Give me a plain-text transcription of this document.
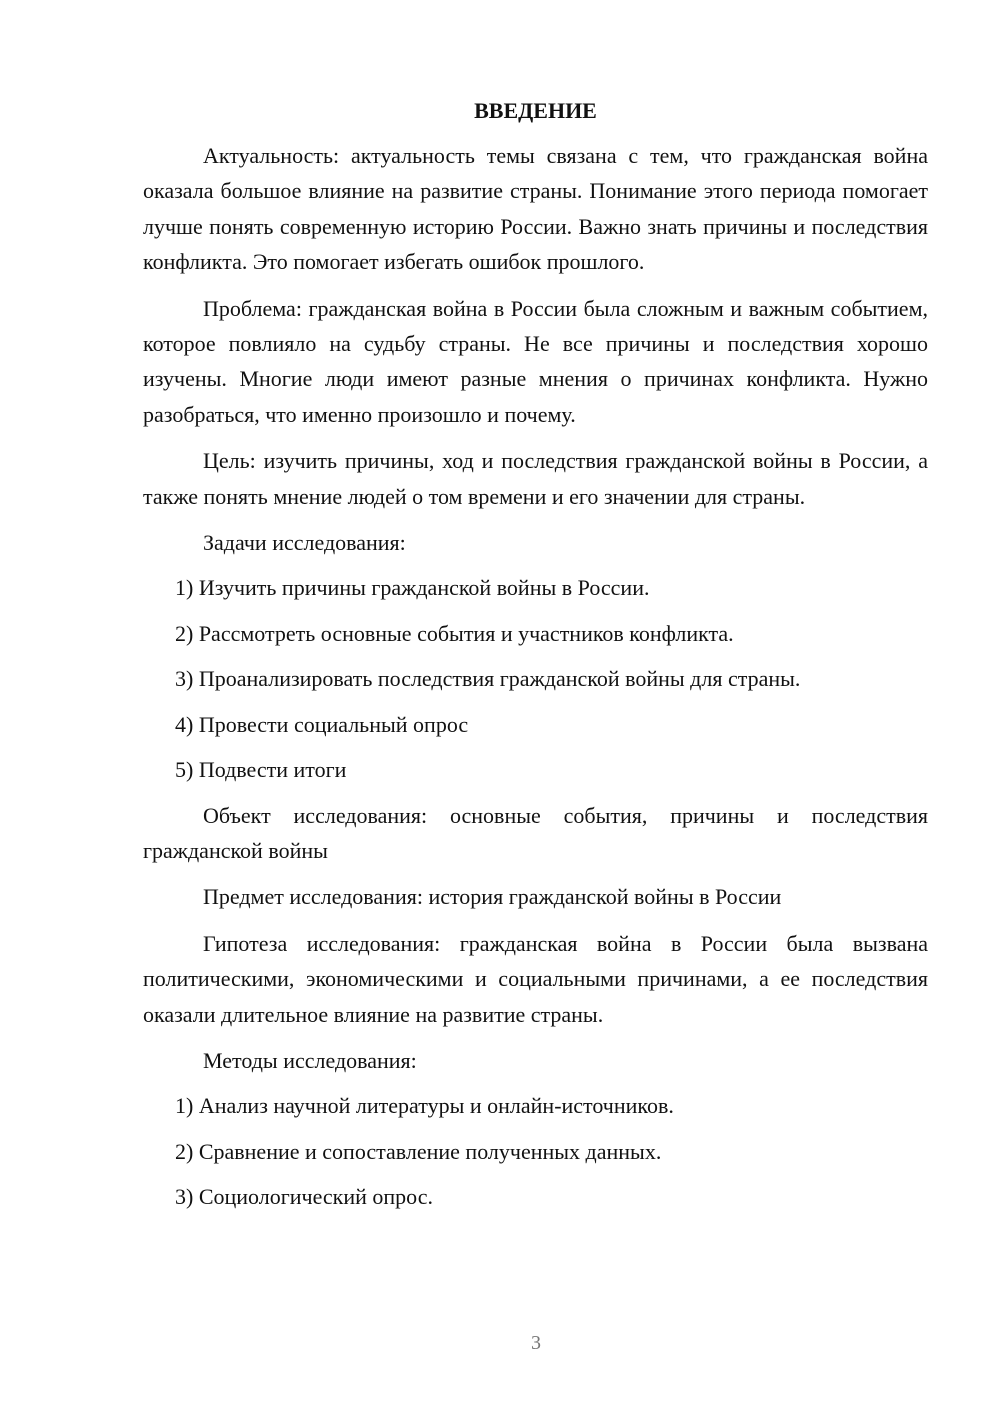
ВВЕДЕНИЕ

Актуальность: актуальность темы связана с тем, что гражданская война оказала большое влияние на развитие страны. Понимание этого периода помогает лучше понять современную историю России. Важно знать причины и последствия конфликта. Это помогает избегать ошибок прошлого.

Проблема: гражданская война в России была сложным и важным событием, которое повлияло на судьбу страны. Не все причины и последствия хорошо изучены. Многие люди имеют разные мнения о причинах конфликта. Нужно разобраться, что именно произошло и почему.

Цель: изучить причины, ход и последствия гражданской войны в России, а также понять мнение людей о том времени и его значении для страны.

Задачи исследования:

1) Изучить причины гражданской войны в России.

2) Рассмотреть основные события и участников конфликта.

3) Проанализировать последствия гражданской войны для страны.

4) Провести социальный опрос

5) Подвести итоги

Объект исследования: основные события, причины и последствия гражданской войны

Предмет исследования: история гражданской войны в России

Гипотеза исследования: гражданская война в России была вызвана политическими, экономическими и социальными причинами, а ее последствия оказали длительное влияние на развитие страны.

Методы исследования:

1) Анализ научной литературы и онлайн-источников.

2) Сравнение и сопоставление полученных данных.

3) Социологический опрос.

3
